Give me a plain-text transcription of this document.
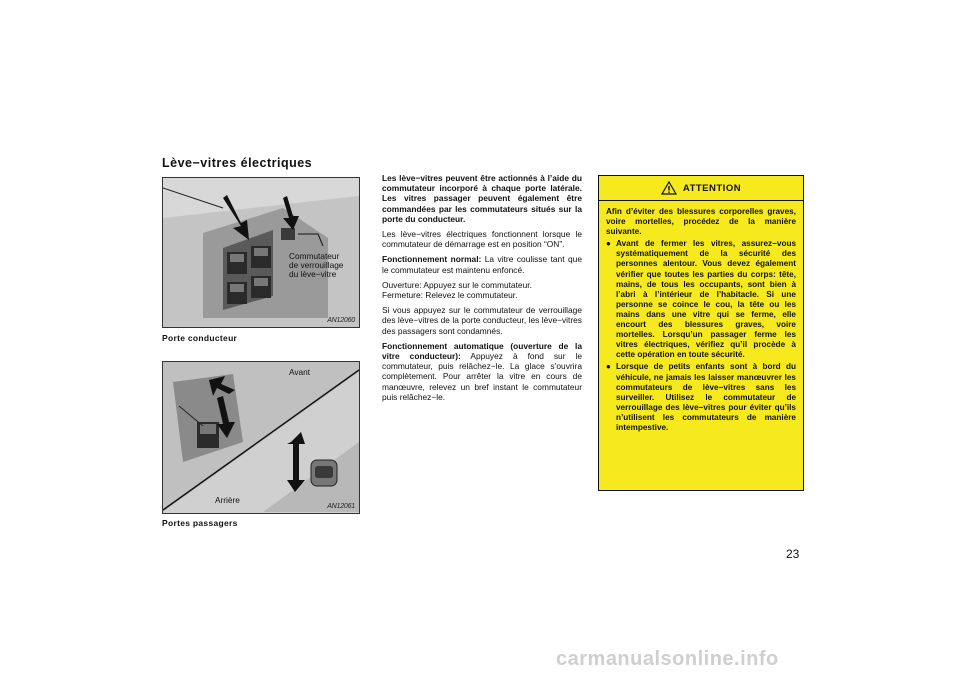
Lève−vitres électriques
Commutateur
de verrouillage
du lève−vitre
AN12060
Porte conducteur
Avant
Arrière
AN12061
Portes passagers

Les lève−vitres peuvent être actionnés à l’aide du commutateur incorporé à chaque porte latérale. Les vitres passager peuvent également être commandées par les commutateurs situés sur la porte du conducteur.

Les lève−vitres électriques fonctionnent lorsque le commutateur de démarrage est en position “ON”.

Fonctionnement normal: La vitre coulisse tant que le commutateur est maintenu enfoncé.

Ouverture: Appuyez sur le commutateur.
Fermeture: Relevez le commutateur.

Si vous appuyez sur le commutateur de verrouillage des lève−vitres de la porte conducteur, les lève−vitres des passagers sont condamnés.

Fonctionnement automatique (ouverture de la vitre conducteur): Appuyez à fond sur le commutateur, puis relâchez−le. La glace s’ouvrira complètement. Pour arrêter la vitre en cours de manœuvre, relevez un bref instant le commutateur puis relâchez−le.

ATTENTION

Afin d’éviter des blessures corporelles graves, voire mortelles, procédez de la manière suivante.

● Avant de fermer les vitres, assurez−vous systématiquement de la sécurité des personnes alentour. Vous devez également vérifier que toutes les parties du corps: tête, mains, de tous les occupants, sont bien à l’abri à l’intérieur de l’habitacle. Si une personne se coince le cou, la tête ou les mains dans une vitre qui se ferme, elle encourt des blessures graves, voire mortelles. Lorsqu’un passager ferme les vitres électriques, vérifiez qu’il procède à cette opération en toute sécurité.
● Lorsque de petits enfants sont à bord du véhicule, ne jamais les laisser manœuvrer les commutateurs de lève−vitres sans les surveiller. Utilisez le commutateur de verrouillage des lève−vitres pour éviter qu’ils n’utilisent les commutateurs de manière intempestive.
23
carmanualsonline.info
